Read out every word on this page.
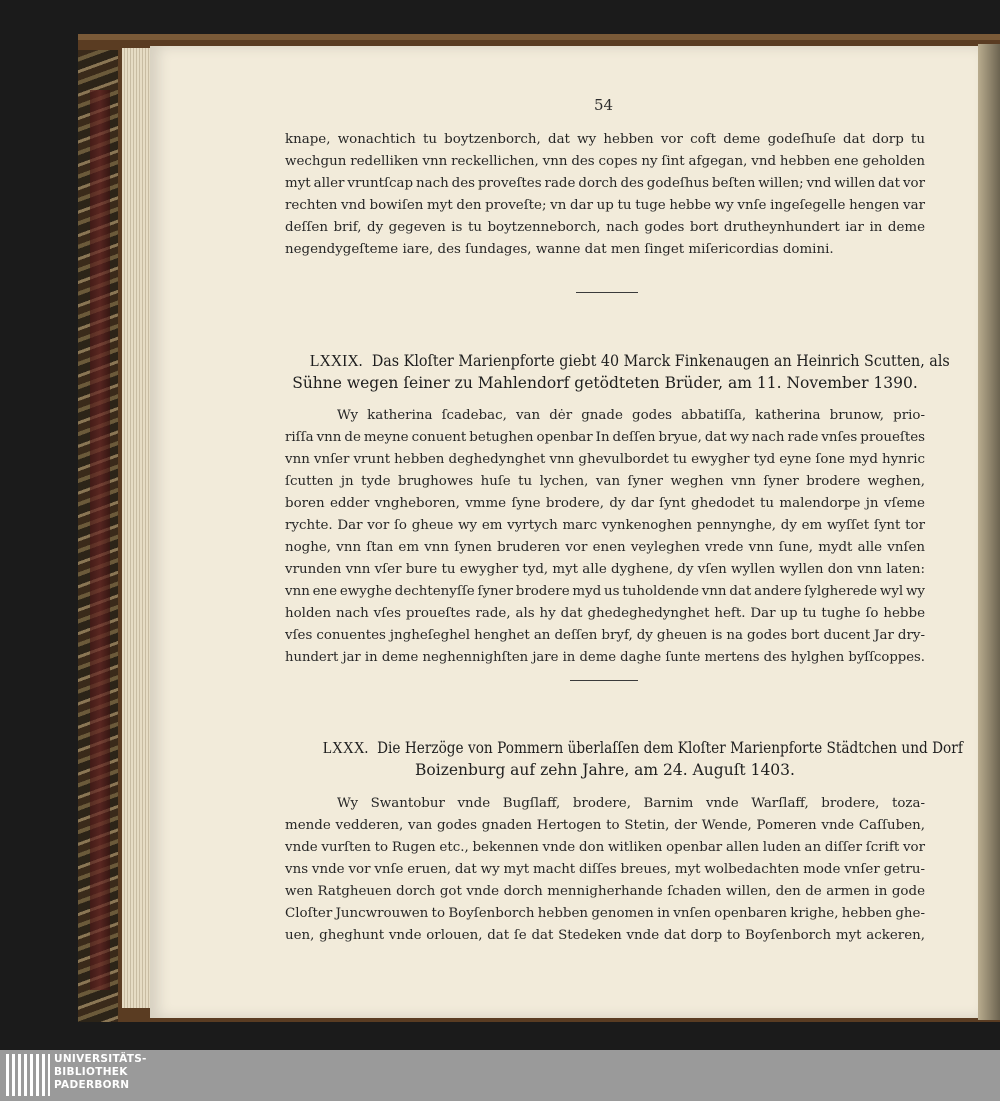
54
knape, wonachtich tu boytzenborch, dat wy hebben vor coft deme godeſhuſe dat dorp tu
wechgun redelliken vnn reckellichen, vnn des copes ny ſint afgegan, vnd hebben ene geholden
myt aller vruntſcap nach des proveſtes rade dorch des godeſhus beſten willen; vnd willen dat vor
rechten vnd bowiſen myt den proveſte; vn dar up tu tuge hebbe wy vnſe ingeſegelle hengen var
deſſen brif, dy gegeven is tu boytzenneborch, nach godes bort drutheynhundert iar in deme
negendygeſteme iare, des ſundages, wanne dat men ſinget miſericordias domini.
LXXIX. Das Kloſter Marienpforte giebt 40 Marck Finkenaugen an Heinrich Scutten, als
Sühne wegen ſeiner zu Mahlendorf getödteten Brüder, am 11. November 1390.
Wy katherina ſcadebac, van dėr gnade godes abbatiſſa, katherina brunow, prio-
riſſa vnn de meyne conuent betughen openbar In deſſen bryue, dat wy nach rade vnſes proueſtes
vnn vnſer vrunt hebben deghedynghet vnn ghevulbordet tu ewygher tyd eyne ſone myd hynric
ſcutten jn tyde brughowes huſe tu lychen, van ſyner weghen vnn ſyner brodere weghen,
boren edder vngheboren, vmme ſyne brodere, dy dar ſynt ghedodet tu malendorpe jn vſeme
rychte. Dar vor ſo gheue wy em vyrtych marc vynkenoghen pennynghe, dy em wyſſet ſynt tor
noghe, vnn ſtan em vnn ſynen bruderen vor enen veyleghen vrede vnn ſune, mydt alle vnſen
vrunden vnn vſer bure tu ewygher tyd, myt alle dyghene, dy vſen wyllen wyllen don vnn laten:
vnn ene ewyghe dechtenyſſe ſyner brodere myd us tuholdende vnn dat andere ſylgherede wyl wy
holden nach vſes proueſtes rade, als hy dat ghedeghedynghet heft. Dar up tu tughe ſo hebbe
vſes conuentes jngheſeghel henghet an deſſen bryf, dy gheuen is na godes bort ducent Jar dry-
hundert jar in deme neghennighſten jare in deme daghe ſunte mertens des hylghen byſſcoppes.
LXXX. Die Herzöge von Pommern überlaſſen dem Kloſter Marienpforte Städtchen und Dorf
Boizenburg auf zehn Jahre, am 24. Auguſt 1403.
Wy Swantobur vnde Bugſlaff, brodere, Barnim vnde Warſlaff, brodere, toza-
mende vedderen, van godes gnaden Hertogen to Stetin, der Wende, Pomeren vnde Caſſuben,
vnde vurſten to Rugen etc., bekennen vnde don witliken openbar allen luden an diſſer ſcrift vor
vns vnde vor vnſe eruen, dat wy myt macht diſſes breues, myt wolbedachten mode vnſer getru-
wen Ratgheuen dorch got vnde dorch mennigherhande ſchaden willen, den de armen in gode
Cloſter Juncwrouwen to Boyſenborch hebben genomen in vnſen openbaren krighe, hebben ghe-
uen, gheghunt vnde orlouen, dat ſe dat Stedeken vnde dat dorp to Boyſenborch myt ackeren,
UNIVERSITÄTS-
BIBLIOTHEK
PADERBORN
